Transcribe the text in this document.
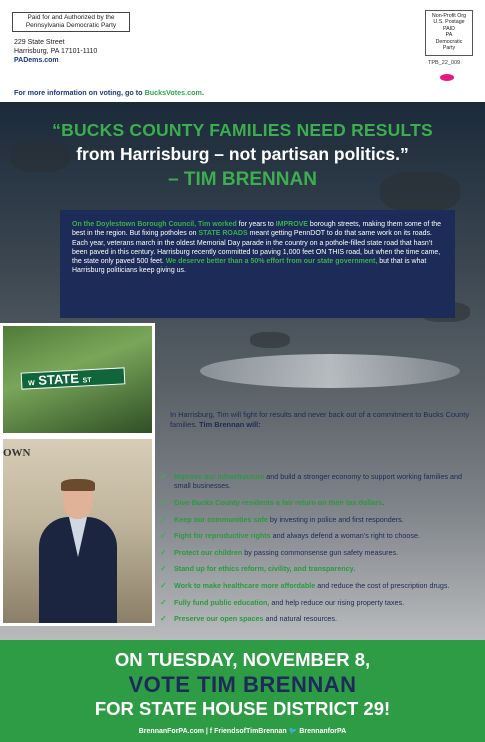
Paid for and Authorized by the Pennsylvania Democratic Party
229 State Street
Harrisburg, PA 17101-1110
PADems.com
Non-Profit Org
U.S. Postage
PAID
PA
Democratic
Party
TPB_22_009
For more information on voting, go to BucksVotes.com.
“BUCKS COUNTY FAMILIES NEED RESULTS
from Harrisburg – not partisan politics.”
– TIM BRENNAN
On the Doylestown Borough Council, Tim worked for years to IMPROVE borough streets, making them some of the best in the region. But fixing potholes on STATE ROADS meant getting PennDOT to do that same work on its roads. Each year, veterans march in the oldest Memorial Day parade in the country on a pothole-filled state road that hasn’t been paved in this century. Harrisburg recently committed to paving 1,000 feet ON THIS road, but when the time came, the state only paved 500 feet. We deserve better than a 50% effort from our state government, but that is what Harrisburg politicians keep giving us.
W STATE ST
OWN
In Harrisburg, Tim will fight for results and never back out of a commitment to Bucks County families. Tim Brennan will:
✓ Improve our infrastructure and build a stronger economy to support working families and small businesses.
✓ Give Bucks County residents a fair return on their tax dollars.
✓ Keep our communities safe by investing in police and first responders.
✓ Fight for reproductive rights and always defend a woman’s right to choose.
✓ Protect our children by passing commonsense gun safety measures.
✓ Stand up for ethics reform, civility, and transparency.
✓ Work to make healthcare more affordable and reduce the cost of prescription drugs.
✓ Fully fund public education, and help reduce our rising property taxes.
✓ Preserve our open spaces and natural resources.
ON TUESDAY, NOVEMBER 8,
VOTE TIM BRENNAN
FOR STATE HOUSE DISTRICT 29!
BrennanForPA.com | f FriendsofTimBrennan 🐦 BrennanforPA
